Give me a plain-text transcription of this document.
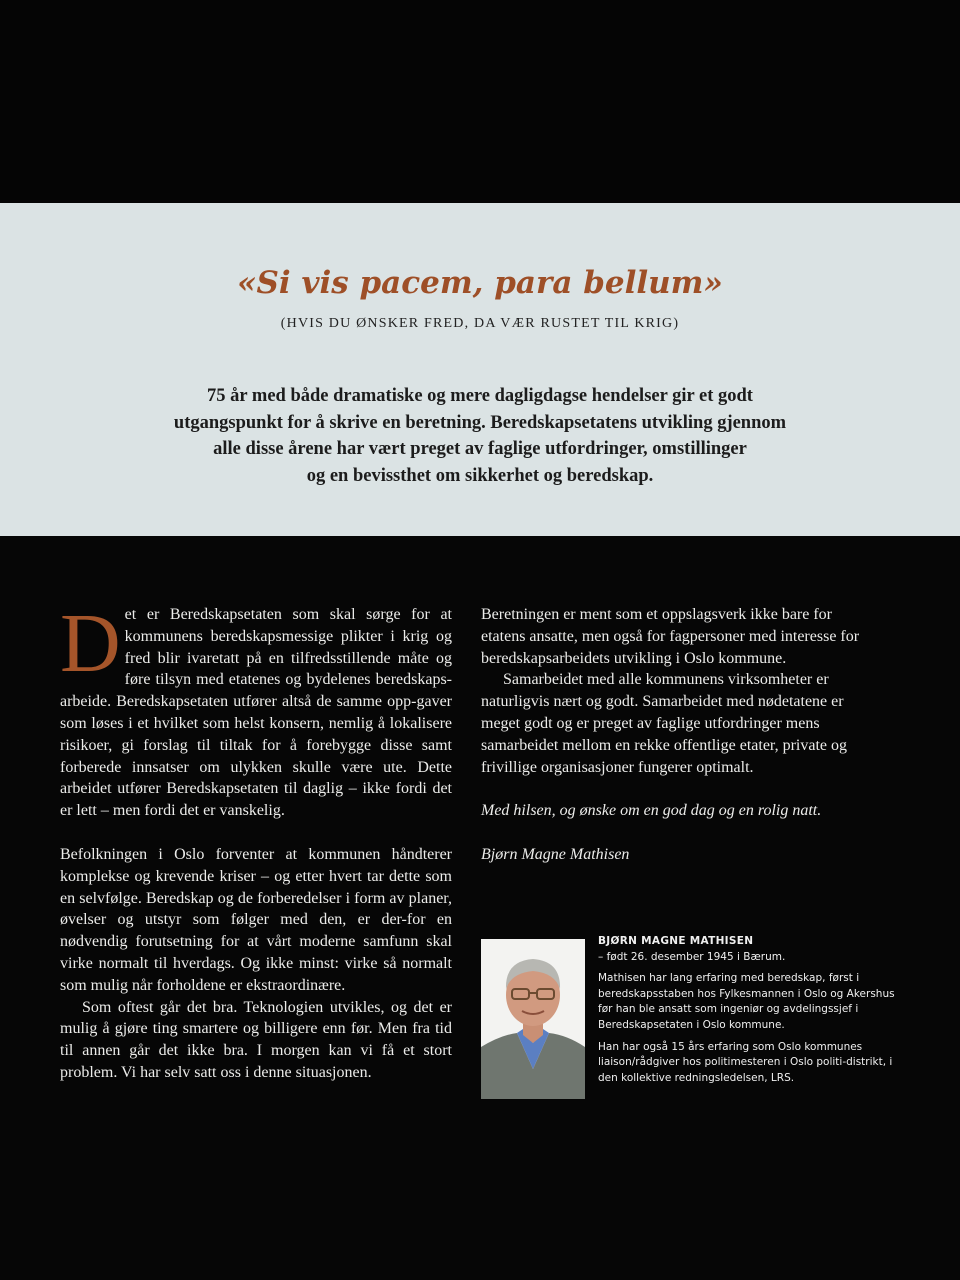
«Si vis pacem, para bellum»
(HVIS DU ØNSKER FRED, DA VÆR RUSTET TIL KRIG)
75 år med både dramatiske og mere dagligdagse hendelser gir et godt
utgangspunkt for å skrive en beretning. Beredskapsetatens utvikling gjennom
alle disse årene har vært preget av faglige utfordringer, omstillinger
og en bevissthet om sikkerhet og beredskap.

Det er Beredskapsetaten som skal sørge for at kommunens beredskapsmessige plikter i krig og fred blir ivaretatt på en tilfredsstillende måte og føre tilsyn med etatenes og bydelenes beredskaps-arbeide. Beredskapsetaten utfører altså de samme opp-gaver som løses i et hvilket som helst konsern, nemlig å lokalisere risikoer, gi forslag til tiltak for å forebygge disse samt forberede innsatser om ulykken skulle være ute. Dette arbeidet utfører Beredskapsetaten til daglig – ikke fordi det er lett – men fordi det er vanskelig.

Befolkningen i Oslo forventer at kommunen håndterer komplekse og krevende kriser – og etter hvert tar dette som en selvfølge. Beredskap og de forberedelser i form av planer, øvelser og utstyr som følger med den, er der-for en nødvendig forutsetning for at vårt moderne samfunn skal virke normalt til hverdags. Og ikke minst: virke så normalt som mulig når forholdene er ekstraordinære.

Som oftest går det bra. Teknologien utvikles, og det er mulig å gjøre ting smartere og billigere enn før. Men fra tid til annen går det ikke bra. I morgen kan vi få et stort problem. Vi har selv satt oss i denne situasjonen.

Beretningen er ment som et oppslagsverk ikke bare for etatens ansatte, men også for fagpersoner med interesse for beredskapsarbeidets utvikling i Oslo kommune.

Samarbeidet med alle kommunens virksomheter er naturligvis nært og godt. Samarbeidet med nødetatene er meget godt og er preget av faglige utfordringer mens samarbeidet mellom en rekke offentlige etater, private og frivillige organisasjoner fungerer optimalt.

Med hilsen, og ønske om en god dag og en rolig natt.

Bjørn Magne Mathisen

BJØRN MAGNE MATHISEN

– født 26. desember 1945 i Bærum.

Mathisen har lang erfaring med beredskap, først i beredskapsstaben hos Fylkesmannen i Oslo og Akershus før han ble ansatt som ingeniør og avdelingssjef i Beredskapsetaten i Oslo kommune.

Han har også 15 års erfaring som Oslo kommunes liaison/rådgiver hos politimesteren i Oslo politi-distrikt, i den kollektive redningsledelsen, LRS.
